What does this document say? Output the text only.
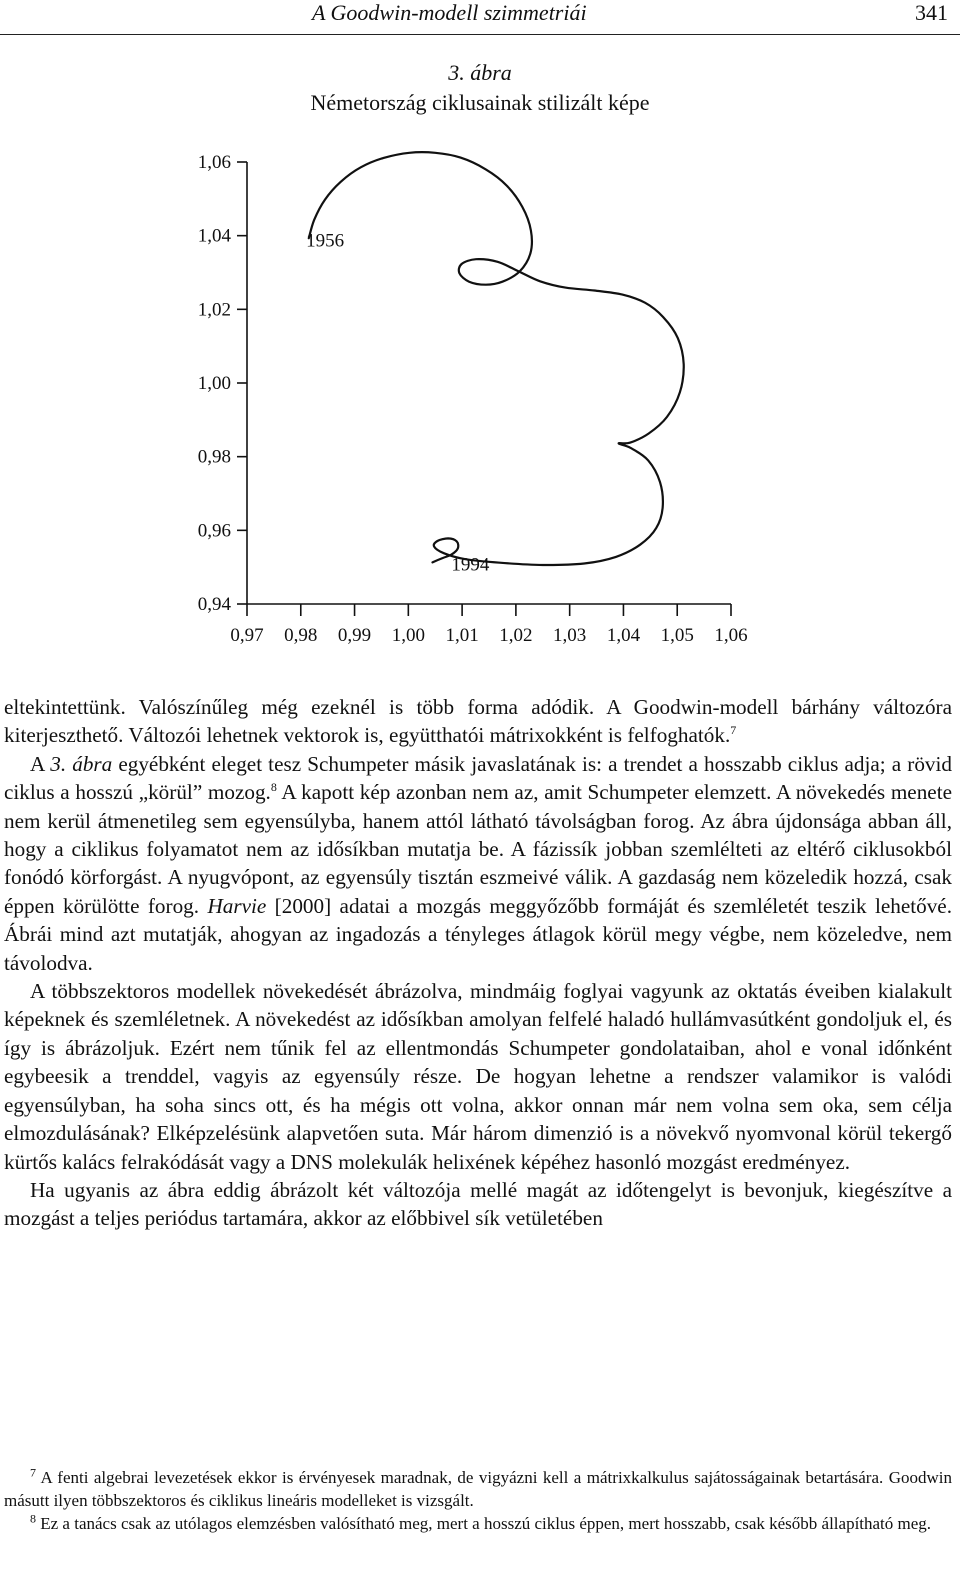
A Goodwin-modell szimmetriái	341
3. ábra
Németország ciklusainak stilizált képe
1,06
1,04
1,02
1,00
0,98
0,96
0,94
0,97 0,98 0,99 1,00 1,01 1,02 1,03 1,04 1,05 1,06
1956
1994

eltekintettünk. Valószínűleg még ezeknél is több forma adódik. A Goodwin-modell bárhány változóra kiterjeszthető. Változói lehetnek vektorok is, együtthatói mátrixokként is felfoghatók.$^7$

A 3. ábra egyébként eleget tesz Schumpeter másik javaslatának is: a trendet a hosszabb ciklus adja; a rövid ciklus a hosszú „körül” mozog.$^8$ A kapott kép azonban nem az, amit Schumpeter elemzett. A növekedés menete nem kerül átmenetileg sem egyensúlyba, hanem attól látható távolságban forog. Az ábra újdonsága abban áll, hogy a ciklikus folyamatot nem az idősíkban mutatja be. A fázissík jobban szemlélteti az eltérő ciklusokból fonódó körforgást. A nyugvópont, az egyensúly tisztán eszmeivé válik. A gazdaság nem közeledik hozzá, csak éppen körülötte forog. Harvie [2000] adatai a mozgás meggyőzőbb formáját és szemléletét teszik lehetővé. Ábrái mind azt mutatják, ahogyan az ingadozás a tényleges átlagok körül megy végbe, nem közeledve, nem távolodva.

A többszektoros modellek növekedését ábrázolva, mindmáig foglyai vagyunk az oktatás éveiben kialakult képeknek és szemléletnek. A növekedést az idősíkban amolyan felfelé haladó hullámvasútként gondoljuk el, és így is ábrázoljuk. Ezért nem tűnik fel az ellentmondás Schumpeter gondolataiban, ahol e vonal időnként egybeesik a trenddel, vagyis az egyensúly része. De hogyan lehetne a rendszer valamikor is valódi egyensúlyban, ha soha sincs ott, és ha mégis ott volna, akkor onnan már nem volna sem oka, sem célja elmozdulásának? Elképzelésünk alapvetően suta. Már három dimenzió is a növekvő nyomvonal körül tekergő kürtős kalács felrakódását vagy a DNS molekulák helixének képéhez hasonló mozgást eredményez.

Ha ugyanis az ábra eddig ábrázolt két változója mellé magát az időtengelyt is bevonjuk, kiegészítve a mozgást a teljes periódus tartamára, akkor az előbbivel sík vetületében

$^7$ A fenti algebrai levezetések ekkor is érvényesek maradnak, de vigyázni kell a mátrixkalkulus sajátosságainak betartására. Goodwin másutt ilyen többszektoros és ciklikus lineáris modelleket is vizsgált.

$^8$ Ez a tanács csak az utólagos elemzésben valósítható meg, mert a hosszú ciklus éppen, mert hosszabb, csak később állapítható meg.
